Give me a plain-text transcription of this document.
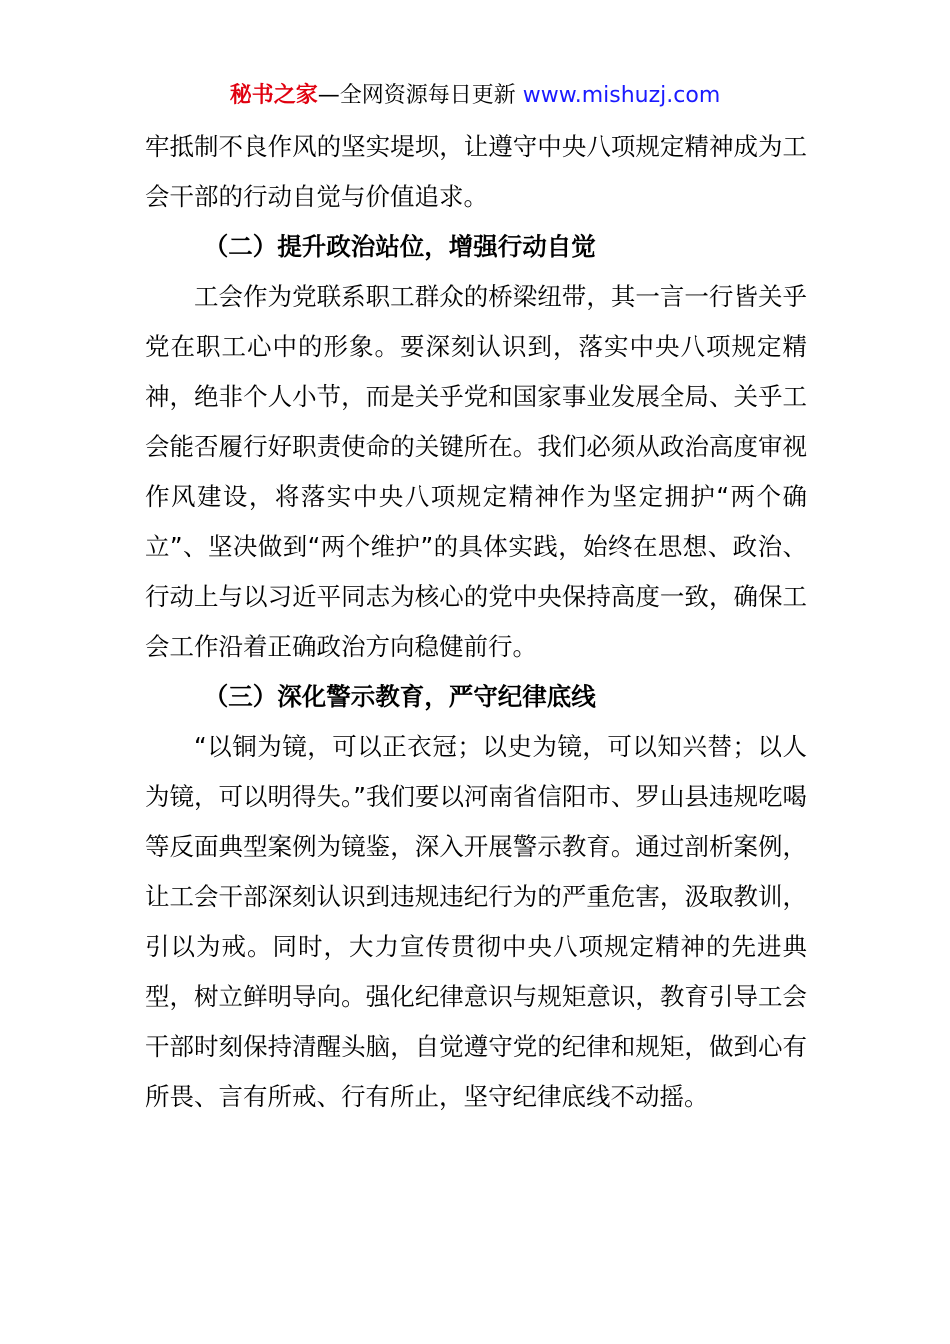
秘书之家—全网资源每日更新 www.mishuzj.com

牢抵制不良作风的坚实堤坝，让遵守中央八项规定精神成为工会干部的行动自觉与价值追求。

（二）提升政治站位，增强行动自觉

工会作为党联系职工群众的桥梁纽带，其一言一行皆关乎党在职工心中的形象。要深刻认识到，落实中央八项规定精神，绝非个人小节，而是关乎党和国家事业发展全局、关乎工会能否履行好职责使命的关键所在。我们必须从政治高度审视作风建设，将落实中央八项规定精神作为坚定拥护“两个确立”、坚决做到“两个维护”的具体实践，始终在思想、政治、行动上与以习近平同志为核心的党中央保持高度一致，确保工会工作沿着正确政治方向稳健前行。

（三）深化警示教育，严守纪律底线

“以铜为镜，可以正衣冠；以史为镜，可以知兴替；以人为镜，可以明得失。”我们要以河南省信阳市、罗山县违规吃喝等反面典型案例为镜鉴，深入开展警示教育。通过剖析案例，让工会干部深刻认识到违规违纪行为的严重危害，汲取教训，引以为戒。同时，大力宣传贯彻中央八项规定精神的先进典型，树立鲜明导向。强化纪律意识与规矩意识，教育引导工会干部时刻保持清醒头脑，自觉遵守党的纪律和规矩，做到心有所畏、言有所戒、行有所止，坚守纪律底线不动摇。
